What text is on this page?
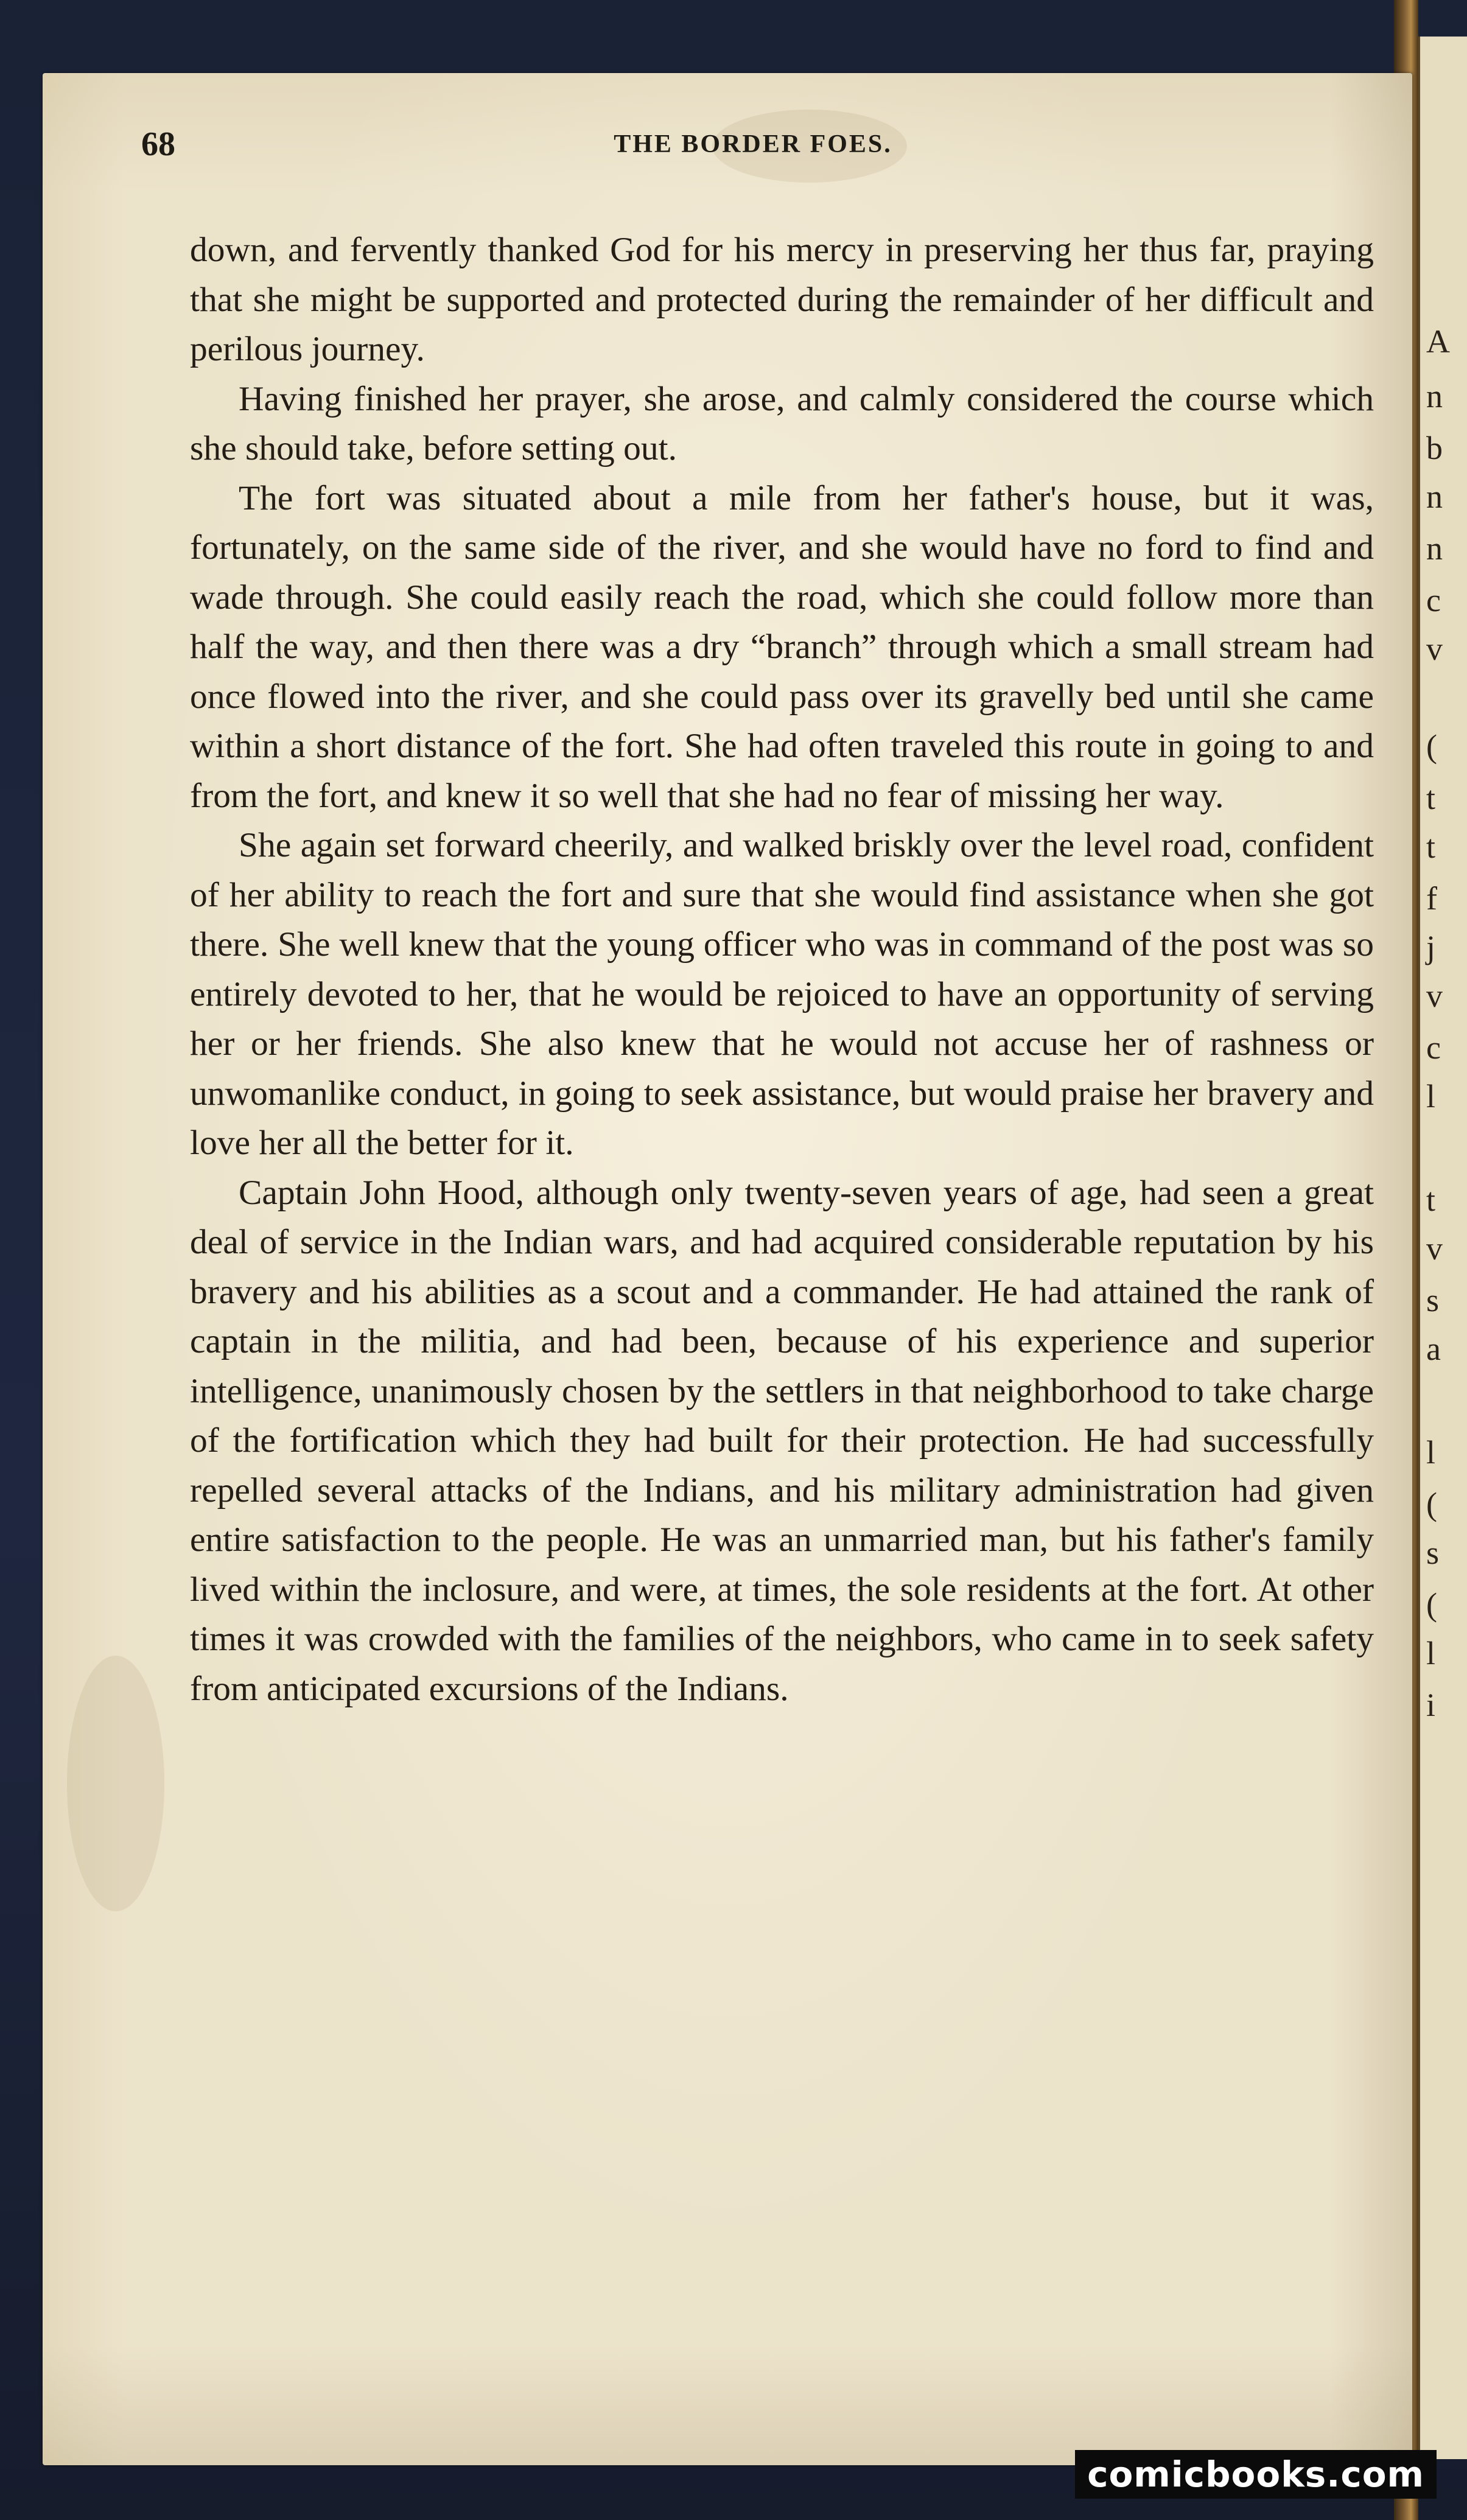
A
n
b
n
n
c
v
(
t
t
f
j
v
c
l
t
v
s
a
l
(
s
(
l
i
68	THE BORDER FOES.

down, and fervently thanked God for his mercy in preserving her thus far, praying that she might be supported and protected during the remainder of her difficult and perilous journey.

Having finished her prayer, she arose, and calmly considered the course which she should take, before setting out.

The fort was situated about a mile from her father's house, but it was, fortunately, on the same side of the river, and she would have no ford to find and wade through. She could easily reach the road, which she could follow more than half the way, and then there was a dry “branch” through which a small stream had once flowed into the river, and she could pass over its gravelly bed until she came within a short distance of the fort. She had often traveled this route in going to and from the fort, and knew it so well that she had no fear of missing her way.

She again set forward cheerily, and walked briskly over the level road, confident of her ability to reach the fort and sure that she would find assistance when she got there. She well knew that the young officer who was in command of the post was so entirely devoted to her, that he would be rejoiced to have an opportunity of serving her or her friends. She also knew that he would not accuse her of rashness or unwomanlike conduct, in going to seek assistance, but would praise her bravery and love her all the better for it.

Captain John Hood, although only twenty-seven years of age, had seen a great deal of service in the Indian wars, and had acquired considerable reputation by his bravery and his abilities as a scout and a commander. He had attained the rank of captain in the militia, and had been, because of his experience and superior intelligence, unanimously chosen by the settlers in that neighborhood to take charge of the fortification which they had built for their protection. He had successfully repelled several attacks of the Indians, and his military administration had given entire satisfaction to the people. He was an unmarried man, but his father's family lived within the inclosure, and were, at times, the sole residents at the fort. At other times it was crowded with the families of the neighbors, who came in to seek safety from anticipated excursions of the Indians.

comicbooks.com
